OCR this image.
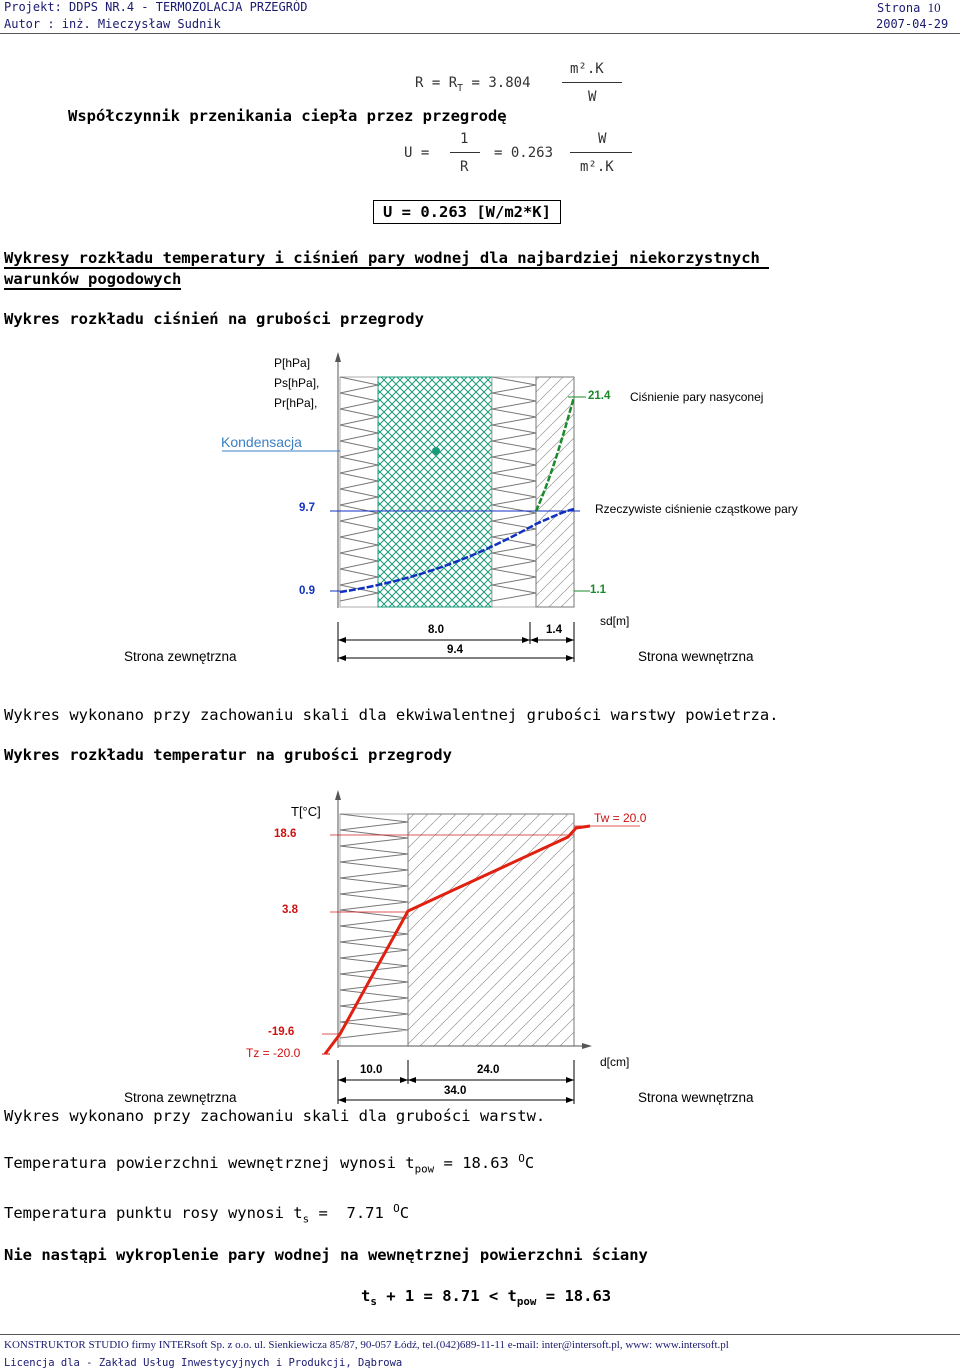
Projekt: DDPS NR.4 - TERMOZOLACJA PRZEGRÓD	Strona 10
Autor : inż. Mieczysław Sudnik	2007-04-29
$R = R_T = 3.804$
m².K
W
Współczynnik przenikania ciepła przez przegrodę
U =
1
R
= 0.263
W
m².K
U = 0.263 [W/m2*K]
Wykresy rozkładu temperatury i ciśnień pary wodnej dla najbardziej niekorzystnych
warunków pogodowych
Wykres rozkładu ciśnień na grubości przegrody
P[hPa]
Ps[hPa],
Pr[hPa],
Kondensacja
21.4 Ciśnienie pary nasyconej
9.7	Rzeczywiste ciśnienie cząstkowe pary
0.9	1.1
sd[m]
8.0	1.4
9.4
Strona zewnętrzna	Strona wewnętrzna
Wykres wykonano przy zachowaniu skali dla ekwiwalentnej grubości warstwy powietrza.
Wykres rozkładu temperatur na grubości przegrody
T[°C]	Tw = 20.0
18.6
3.8
-19.6
Tz = -20.0
d[cm]
10.0	24.0
34.0
Strona zewnętrzna	Strona wewnętrzna
Wykres wykonano przy zachowaniu skali dla grubości warstw.
Temperatura powierzchni wewnętrznej wynosi $t_{pow} = 18.63$ $^O$C
Temperatura punktu rosy wynosi $t_s = 7.71$ $^O$C
Nie nastąpi wykroplenie pary wodnej na wewnętrznej powierzchni ściany
$t_s + 1 = 8.71 < t_{pow} = 18.63$
KONSTRUKTOR STUDIO firmy INTERsoft Sp. z o.o. ul. Sienkiewicza 85/87, 90-057 Łódź, tel.(042)689-11-11 e-mail: inter@intersoft.pl, www: www.intersoft.pl
Licencja dla - Zakład Usług Inwestycyjnych i Produkcji, Dąbrowa
